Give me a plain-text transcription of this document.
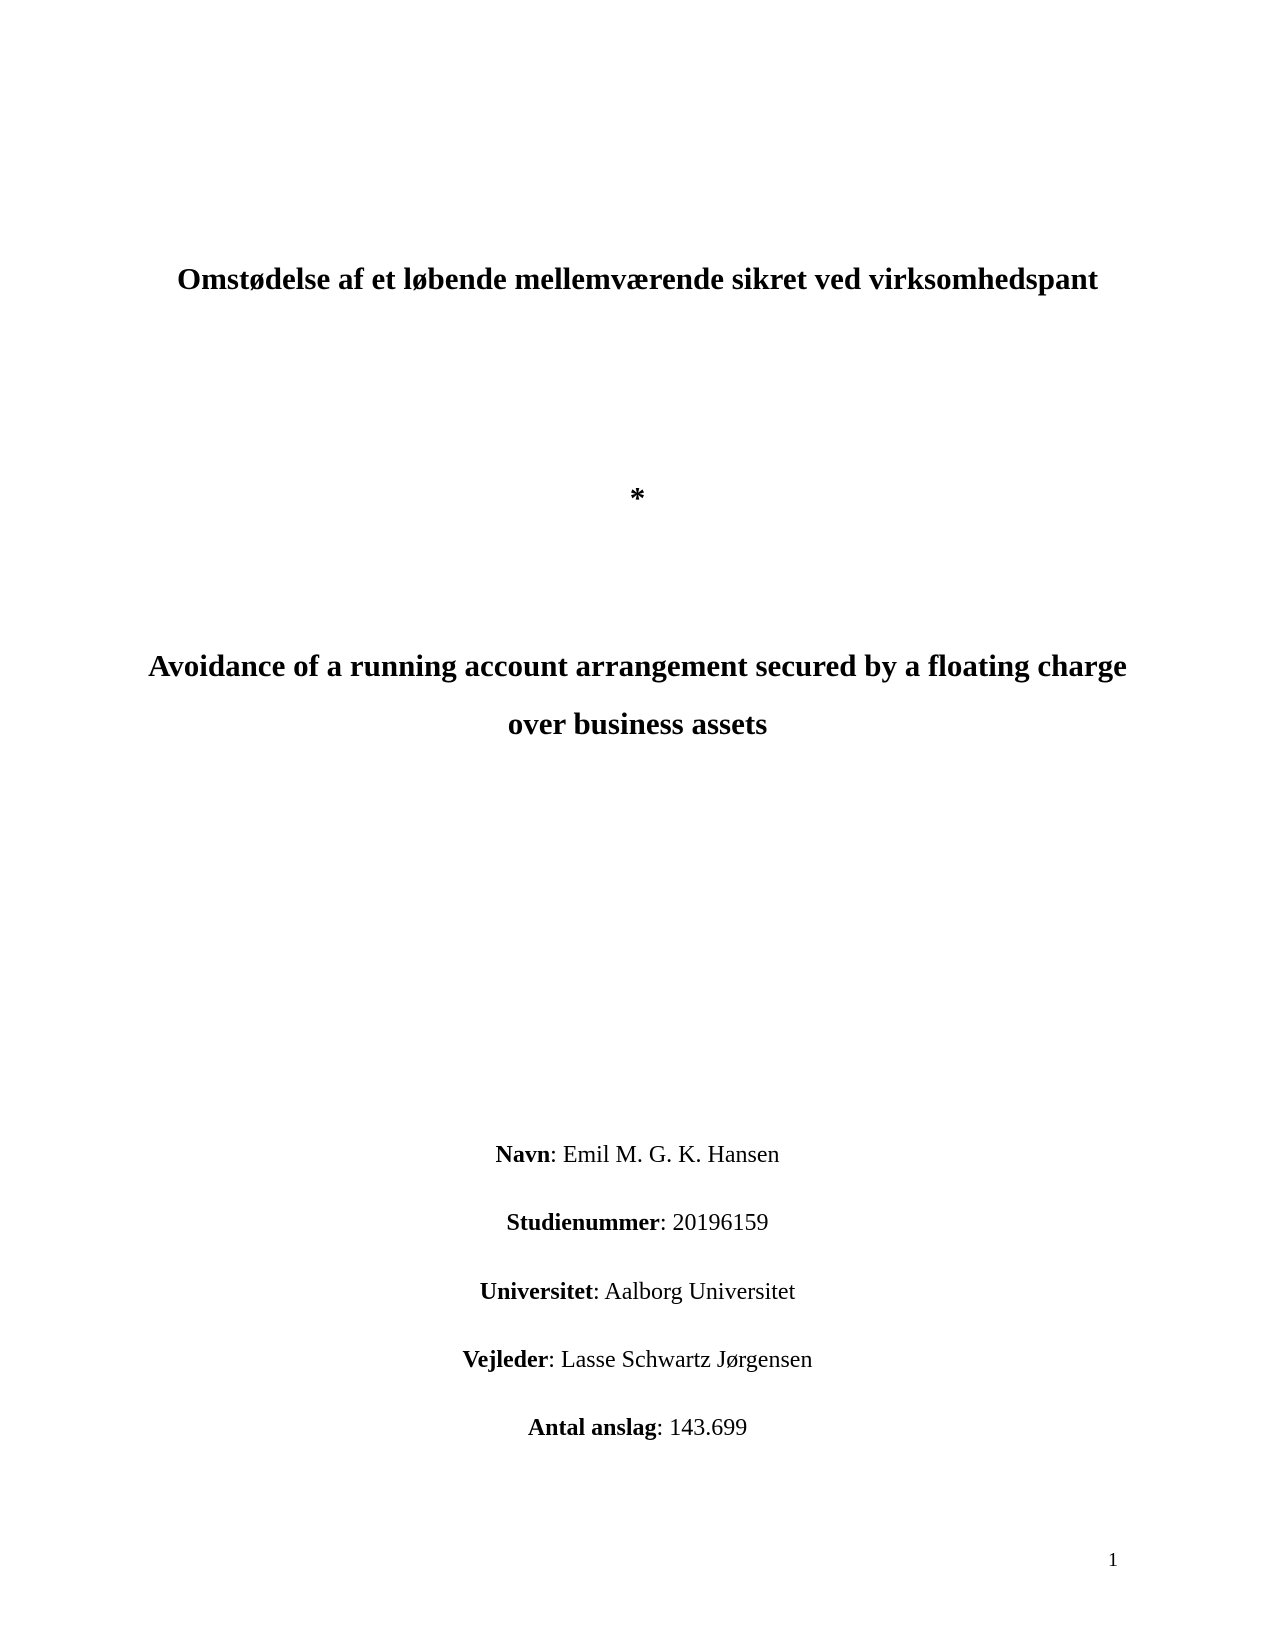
Omstødelse af et løbende mellemværende sikret ved virksomhedspant
*
Avoidance of a running account arrangement secured by a floating charge over business assets
Navn: Emil M. G. K. Hansen
Studienummer: 20196159
Universitet: Aalborg Universitet
Vejleder: Lasse Schwartz Jørgensen
Antal anslag: 143.699
1
